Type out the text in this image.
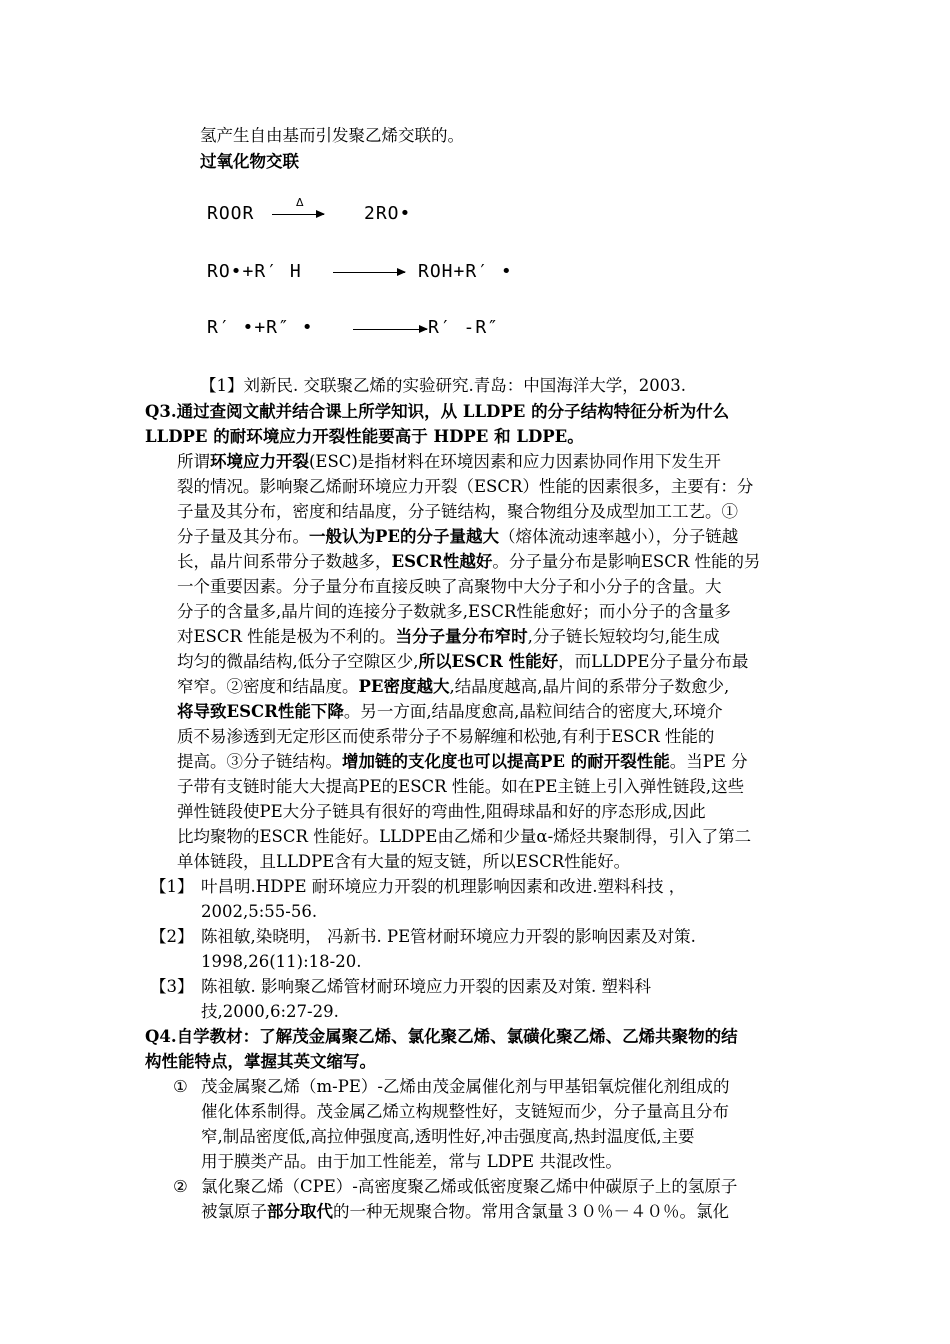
氢产生自由基而引发聚乙烯交联的。
过氧化物交联
ROOR
Δ
2RO•
RO•+R′ H	ROH+R′ •
R′ •+R″ •	R′ -R″
【1】刘新民. 交联聚乙烯的实验研究.青岛：中国海洋大学，2003.
Q3.通过查阅文献并结合课上所学知识，从 LLDPE 的分子结构特征分析为什么
LLDPE 的耐环境应力开裂性能要高于 HDPE 和 LDPE。
所谓环境应力开裂(ESC)是指材料在环境因素和应力因素协同作用下发生开
裂的情况。影响聚乙烯耐环境应力开裂（ESCR）性能的因素很多，主要有：分
子量及其分布，密度和结晶度，分子链结构，聚合物组分及成型加工工艺。①
分子量及其分布。一般认为PE的分子量越大（熔体流动速率越小），分子链越
长，晶片间系带分子数越多，ESCR性越好。分子量分布是影响ESCR 性能的另
一个重要因素。分子量分布直接反映了高聚物中大分子和小分子的含量。大
分子的含量多,晶片间的连接分子数就多,ESCR性能愈好；而小分子的含量多
对ESCR 性能是极为不利的。当分子量分布窄时,分子链长短较均匀,能生成
均匀的微晶结构,低分子空隙区少,所以ESCR 性能好，而LLDPE分子量分布最
窄窄。②密度和结晶度。PE密度越大,结晶度越高,晶片间的系带分子数愈少,
将导致ESCR性能下降。另一方面,结晶度愈高,晶粒间结合的密度大,环境介
质不易渗透到无定形区而使系带分子不易解缠和松弛,有利于ESCR 性能的
提高。③分子链结构。增加链的支化度也可以提高PE 的耐开裂性能。当PE 分
子带有支链时能大大提高PE的ESCR 性能。如在PE主链上引入弹性链段,这些
弹性链段使PE大分子链具有很好的弯曲性,阻碍球晶和好的序态形成,因此
比均聚物的ESCR 性能好。LLDPE由乙烯和少量α-烯烃共聚制得，引入了第二
单体链段，且LLDPE含有大量的短支链，所以ESCR性能好。
【1】 叶昌明.HDPE 耐环境应力开裂的机理影响因素和改进.塑料科技 ，
2002,5:55-56.
【2】 陈祖敏,染晓明， 冯新书. PE管材耐环境应力开裂的影响因素及对策.
1998,26(11):18-20.
【3】 陈祖敏. 影响聚乙烯管材耐环境应力开裂的因素及对策. 塑料科
技,2000,6:27-29.
Q4.自学教材：了解茂金属聚乙烯、氯化聚乙烯、氯磺化聚乙烯、乙烯共聚物的结
构性能特点，掌握其英文缩写。
① 茂金属聚乙烯（m-PE）-乙烯由茂金属催化剂与甲基铝氧烷催化剂组成的
催化体系制得。茂金属乙烯立构规整性好，支链短而少，分子量高且分布
窄,制品密度低,高拉伸强度高,透明性好,冲击强度高,热封温度低,主要
用于膜类产品。由于加工性能差，常与 LDPE 共混改性。
② 氯化聚乙烯（CPE）-高密度聚乙烯或低密度聚乙烯中仲碳原子上的氢原子
被氯原子部分取代的一种无规聚合物。常用含氯量３０％－４０％。氯化
